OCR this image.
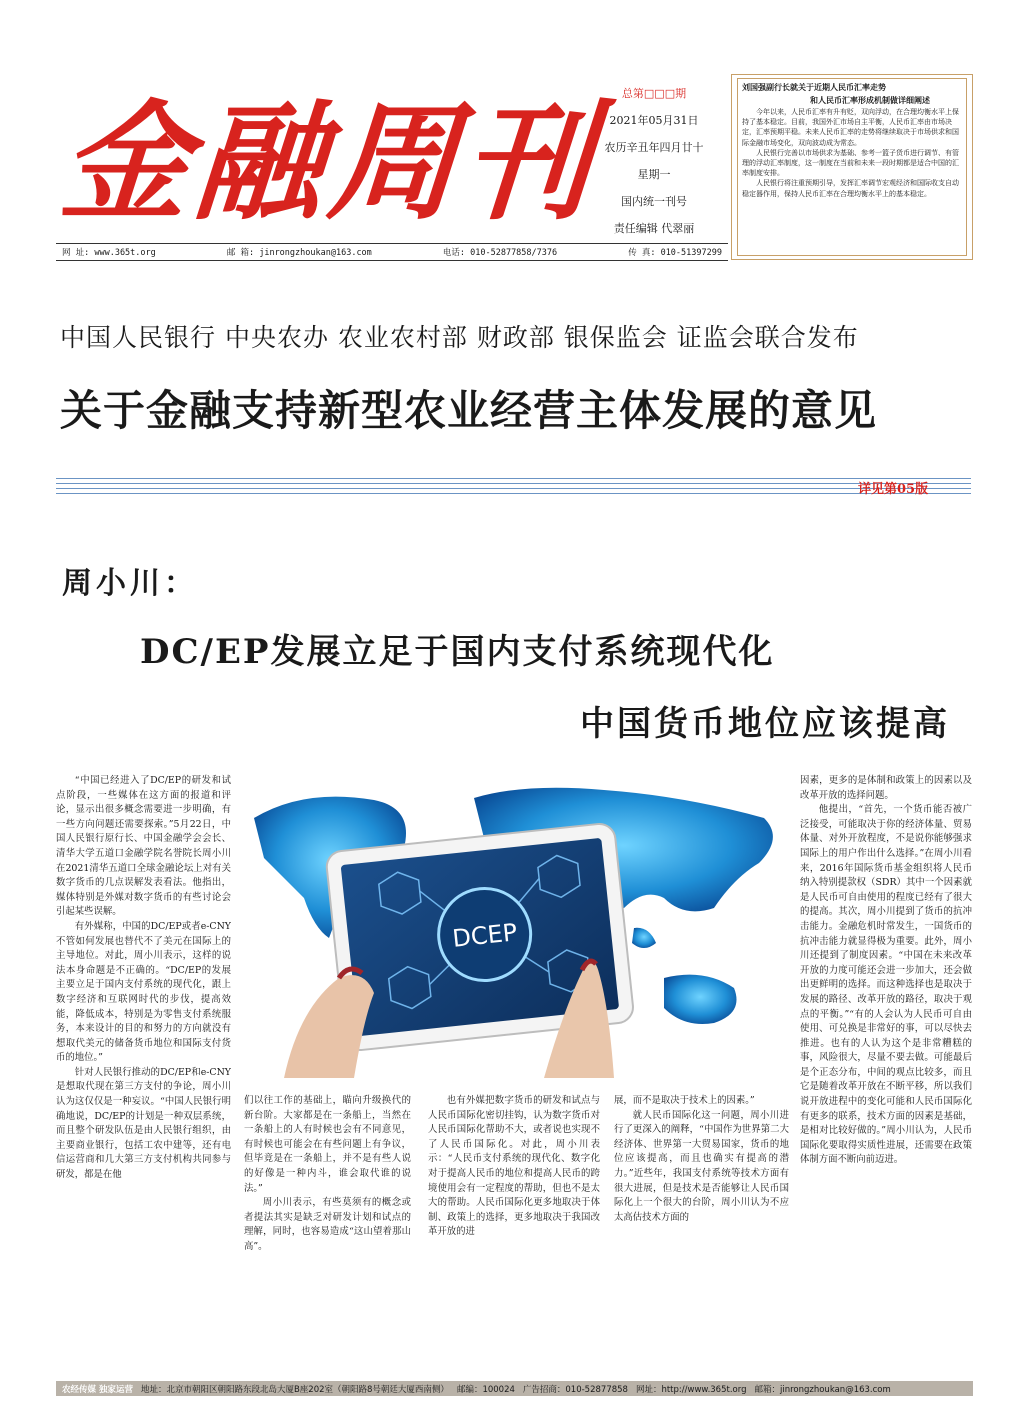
金融周刊	总第□□□期
2021年05月31日
农历辛丑年四月廿十
星期一
国内统一刊号
责任编辑 代翠丽
网 址: www.365t.org	邮 箱: jinrongzhoukan@163.com	电话: 010-52877858/7376	传 真: 010-51397299
刘国强副行长就关于近期人民币汇率走势
和人民币汇率形成机制做详细阐述

今年以来，人民币汇率有升有贬，双向浮动，在合理均衡水平上保持了基本稳定。目前，我国外汇市场自主平衡，人民币汇率由市场决定，汇率预期平稳。未来人民币汇率的走势将继续取决于市场供求和国际金融市场变化，双向波动成为常态。

人民银行完善以市场供求为基础、参考一篮子货币进行调节、有管理的浮动汇率制度，这一制度在当前和未来一段时期都是适合中国的汇率制度安排。

人民银行将注重预期引导，发挥汇率调节宏观经济和国际收支自动稳定器作用，保持人民币汇率在合理均衡水平上的基本稳定。

中国人民银行 中央农办 农业农村部 财政部 银保监会 证监会联合发布
关于金融支持新型农业经营主体发展的意见
详见第05版
周小川：
DC/EP发展立足于国内支付系统现代化
中国货币地位应该提高
DCEP

“中国已经进入了DC/EP的研发和试点阶段，一些媒体在这方面的报道和评论，显示出很多概念需要进一步明确，有一些方向问题还需要探索。”5月22日，中国人民银行原行长、中国金融学会会长、清华大学五道口金融学院名誉院长周小川在2021清华五道口全球金融论坛上对有关数字货币的几点误解发表看法。他指出，媒体特别是外媒对数字货币的有些讨论会引起某些误解。

有外媒称，中国的DC/EP或者e-CNY不管如何发展也替代不了美元在国际上的主导地位。对此，周小川表示，这样的说法本身命题是不正确的。“DC/EP的发展主要立足于国内支付系统的现代化，跟上数字经济和互联网时代的步伐，提高效能，降低成本，特别是为零售支付系统服务，本来设计的目的和努力的方向就没有想取代美元的储备货币地位和国际支付货币的地位。”

针对人民银行推动的DC/EP和e-CNY是想取代现在第三方支付的争论，周小川认为这仅仅是一种妄议。“中国人民银行明确地说，DC/EP的计划是一种双层系统，而且整个研发队伍是由人民银行组织，由主要商业银行，包括工农中建等，还有电信运营商和几大第三方支付机构共同参与研发，都是在他

们以往工作的基础上，瞄向升级换代的新台阶。大家都是在一条船上，当然在一条船上的人有时候也会有不同意见，有时候也可能会在有些问题上有争议，但毕竟是在一条船上，并不是有些人说的好像是一种内斗，谁会取代谁的说法。”

周小川表示，有些莫须有的概念或者提法其实是缺乏对研发计划和试点的理解，同时，也容易造成“这山望着那山高”。

也有外媒把数字货币的研发和试点与人民币国际化密切挂钩，认为数字货币对人民币国际化帮助不大，或者说也实现不了人民币国际化。对此，周小川表示：“人民币支付系统的现代化、数字化对于提高人民币的地位和提高人民币的跨境使用会有一定程度的帮助，但也不是太大的帮助。人民币国际化更多地取决于体制、政策上的选择，更多地取决于我国改革开放的进

展，而不是取决于技术上的因素。”

就人民币国际化这一问题，周小川进行了更深入的阐释，“中国作为世界第二大经济体、世界第一大贸易国家，货币的地位应该提高，而且也确实有提高的潜力。”近些年，我国支付系统等技术方面有很大进展，但是技术是否能够让人民币国际化上一个很大的台阶，周小川认为不应太高估技术方面的

因素，更多的是体制和政策上的因素以及改革开放的选择问题。

他提出，“首先，一个货币能否被广泛接受，可能取决于你的经济体量、贸易体量、对外开放程度，不是说你能够强求国际上的用户作出什么选择。”在周小川看来，2016年国际货币基金组织将人民币纳入特别提款权（SDR）其中一个因素就是人民币可自由使用的程度已经有了很大的提高。其次，周小川提到了货币的抗冲击能力。金融危机时常发生，一国货币的抗冲击能力就显得极为重要。此外，周小川还提到了制度因素。“中国在未来改革开放的力度可能还会进一步加大，还会做出更鲜明的选择。而这种选择也是取决于发展的路径、改革开放的路径，取决于观点的平衡。”“有的人会认为人民币可自由使用、可兑换是非常好的事，可以尽快去推进。也有的人认为这个是非常糟糕的事，风险很大，尽量不要去做。可能最后是个正态分布，中间的观点比较多，而且它是随着改革开放在不断平移，所以我们说开放进程中的变化可能和人民币国际化有更多的联系，技术方面的因素是基础，是相对比较好做的。”周小川认为，人民币国际化要取得实质性进展，还需要在政策体制方面不断向前迈进。

农经传媒 独家运营 地址：北京市朝阳区朝阳路东段北岛大厦B座202室（朝阳路8号朝廷大厦西南侧） 邮编：100024 广告招商：010-52877858 网址：http://www.365t.org 邮箱：jinrongzhoukan@163.com
